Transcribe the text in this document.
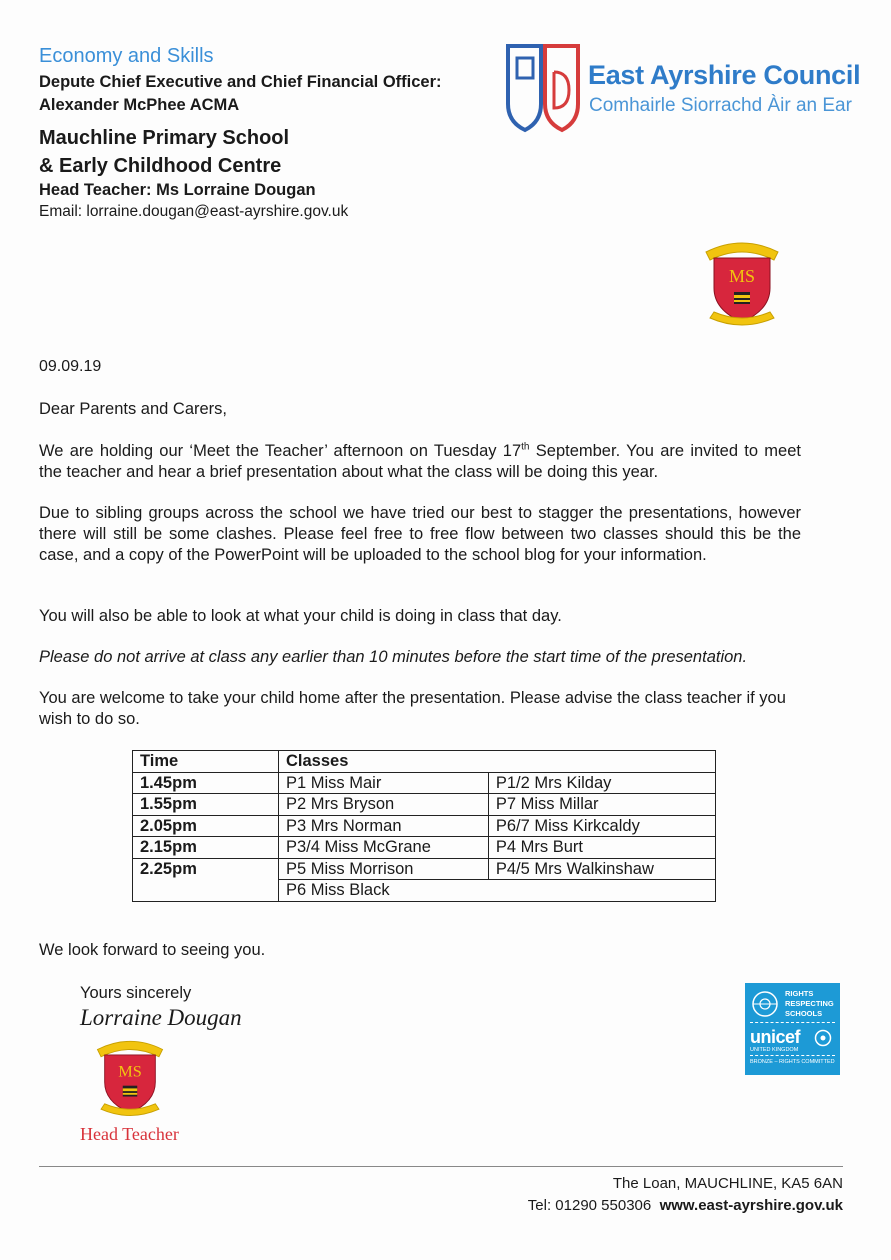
Economy and Skills
Depute Chief Executive and Chief Financial Officer:
Alexander McPhee ACMA
Mauchline Primary School
& Early Childhood Centre
Head Teacher: Ms Lorraine Dougan
Email: lorraine.dougan@east-ayrshire.gov.uk
East Ayrshire Council
Comhairle Siorrachd Àir an Ear
MS
09.09.19

Dear Parents and Carers,

We are holding our ‘Meet the Teacher’ afternoon on Tuesday 17th September. You are invited to meet the teacher and hear a brief presentation about what the class will be doing this year.

Due to sibling groups across the school we have tried our best to stagger the presentations, however there will still be some clashes. Please feel free to free flow between two classes should this be the case, and a copy of the PowerPoint will be uploaded to the school blog for your information.

You will also be able to look at what your child is doing in class that day.

Please do not arrive at class any earlier than 10 minutes before the start time of the presentation.

You are welcome to take your child home after the presentation. Please advise the class teacher if you wish to do so.

Time	Classes	
1.45pm	P1 Miss Mair	P1/2 Mrs Kilday
1.55pm	P2 Mrs Bryson	P7 Miss Millar
2.05pm	P3 Mrs Norman	P6/7 Miss Kirkcaldy
2.15pm	P3/4 Miss McGrane	P4 Mrs Burt
2.25pm	P5 Miss Morrison	P4/5 Mrs Walkinshaw
	P6 Miss Black	
We look forward to seeing you.
Yours sincerely
Lorraine Dougan
MS
Head Teacher
RIGHTS
RESPECTING
SCHOOLS
unicef
UNITED KINGDOM
BRONZE – RIGHTS COMMITTED
The Loan, MAUCHLINE, KA5 6AN
Tel: 01290 550306 www.east-ayrshire.gov.uk
